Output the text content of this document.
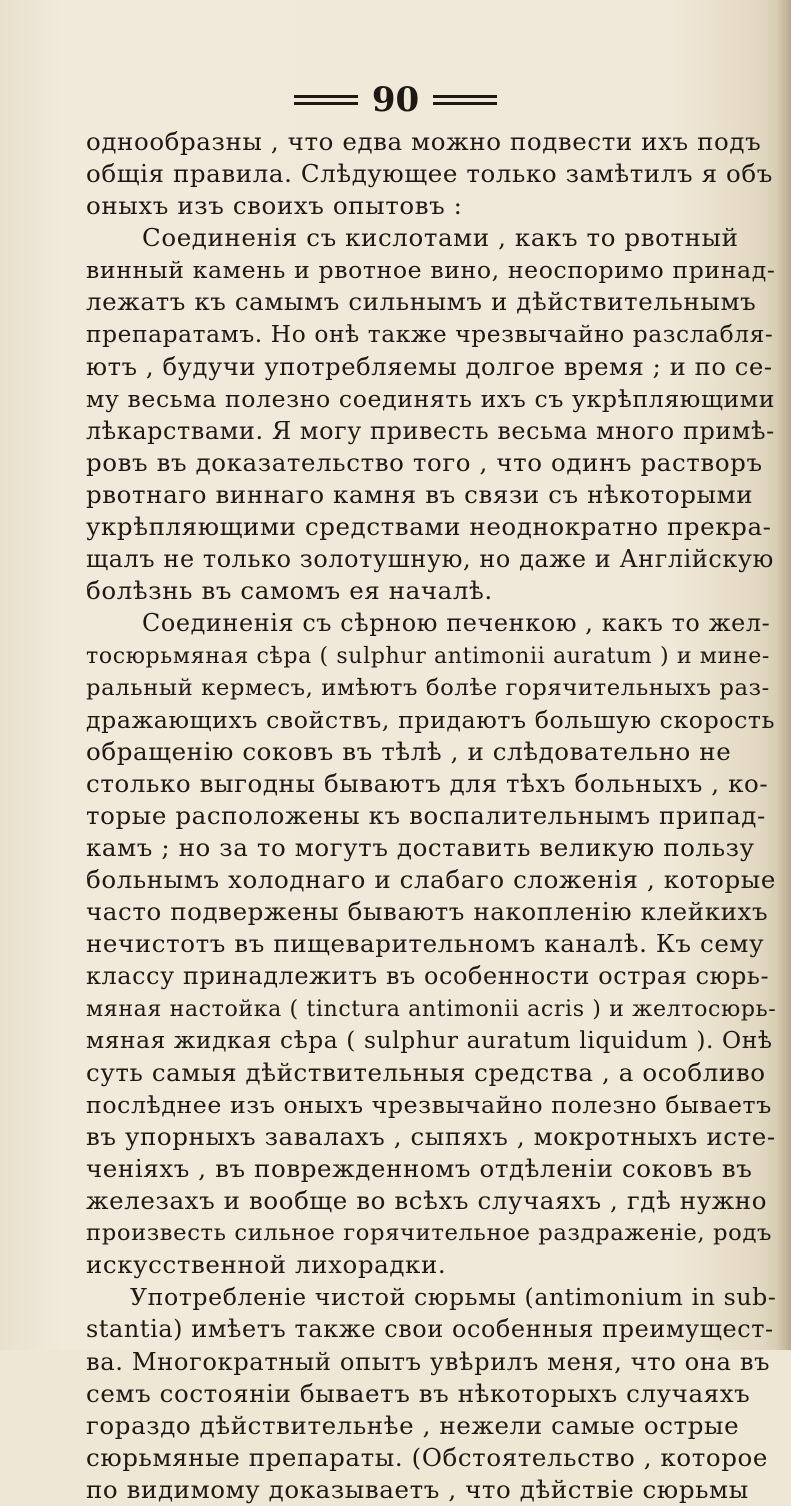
90
однообразны , что едва можно подвести ихъ подъ
общія правила. Слѣдующее только замѣтилъ я объ
оныхъ изъ своихъ опытовъ :
Соединенія съ кислотами , какъ то рвотный
винный камень и рвотное вино, неоспоримо принад-
лежатъ къ самымъ сильнымъ и дѣйствительнымъ
препаратамъ. Но онѣ также чрезвычайно разслабля-
ютъ , будучи употребляемы долгое время ; и по се-
му весьма полезно соединять ихъ съ укрѣпляющими
лѣкарствами. Я могу привесть весьма много примѣ-
ровъ въ доказательство того , что одинъ растворъ
рвотнаго виннаго камня въ связи съ нѣкоторыми
укрѣпляющими средствами неоднократно прекра-
щалъ не только золотушную, но даже и Англійскую
болѣзнь въ самомъ ея началѣ.
Соединенія съ сѣрною печенкою , какъ то жел-
тосюрьмяная сѣра ( sulphur antimonii auratum ) и мине-
ральный кермесъ, имѣютъ болѣе горячительныхъ раз-
дражающихъ свойствъ, придаютъ большую скорость
обращенію соковъ въ тѣлѣ , и слѣдовательно не
столько выгодны бываютъ для тѣхъ больныхъ , ко-
торые расположены къ воспалительнымъ припад-
камъ ; но за то могутъ доставить великую пользу
больнымъ холоднаго и слабаго сложенія , которые
часто подвержены бываютъ накопленію клейкихъ
нечистотъ въ пищеварительномъ каналѣ. Къ сему
классу принадлежитъ въ особенности острая сюрь-
мяная настойка ( tinctura antimonii acris ) и желтосюрь-
мяная жидкая сѣра ( sulphur auratum liquidum ). Онѣ
суть самыя дѣйствительныя средства , а особливо
послѣднее изъ оныхъ чрезвычайно полезно бываетъ
въ упорныхъ завалахъ , сыпяхъ , мокротныхъ истe-
ченіяхъ , въ поврежденномъ отдѣленіи соковъ въ
железахъ и вообще во всѣхъ случаяхъ , гдѣ нужно
произвесть сильное горячительное раздраженіе, родъ
искусственной лихорадки.
Употребленіе чистой сюрьмы (antimonium in sub-
stantia) имѣетъ также свои особенныя преимущест-
ва. Многократный опытъ увѣрилъ меня, что она въ
семъ состояніи бываетъ въ нѣкоторыхъ случаяхъ
гораздо дѣйствительнѣе , нежели самые острые
сюрьмяные препараты. (Обстоятельство , которое
по видимому доказываетъ , что дѣйствіе сюрьмы
